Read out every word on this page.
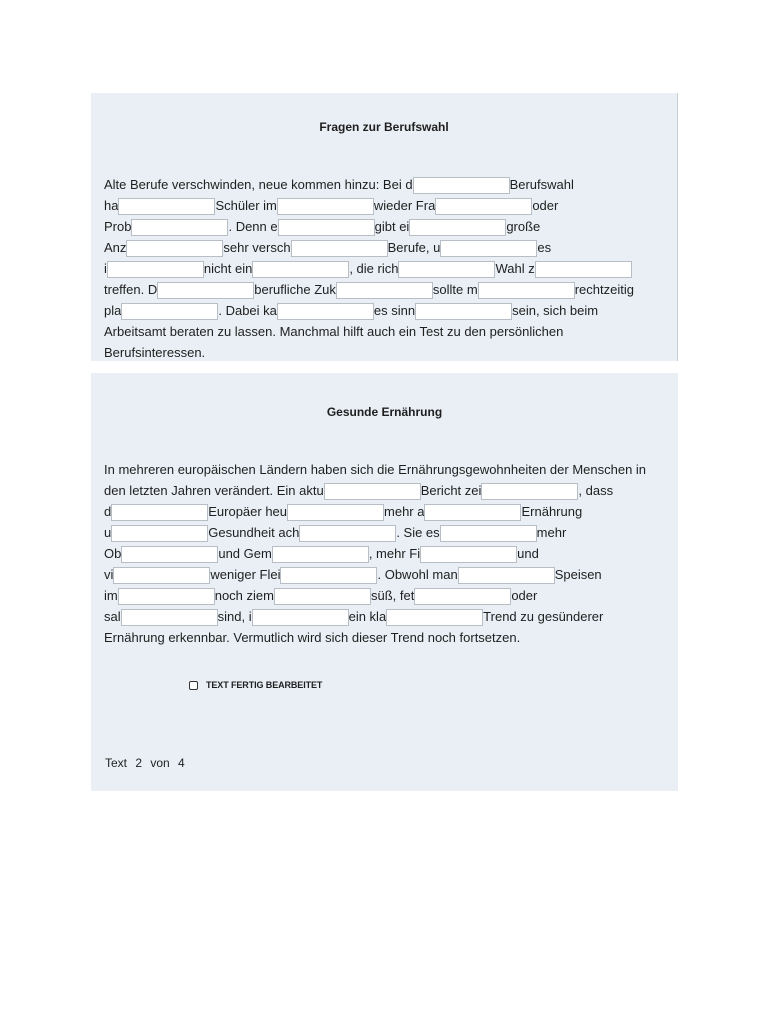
Fragen zur Berufswahl

Alte Berufe verschwinden, neue kommen hinzu: Bei d	Berufswahl
ha	Schüler im	wieder Fra	oder
Prob	. Denn e	gibt ei	große
Anz	sehr versch	Berufe, u	es
i	nicht ein	, die rich	Wahl z
treffen. D	berufliche Zuk	sollte m	rechtzeitig
pla	. Dabei ka	es sinn	sein, sich beim
Arbeitsamt beraten zu lassen. Manchmal hilft auch ein Test zu den persönlichen
Berufsinteressen.

Gesunde Ernährung

In mehreren europäischen Ländern haben sich die Ernährungsgewohnheiten der Menschen in
den letzten Jahren verändert. Ein aktu	Bericht zei	, dass
d	Europäer heu	mehr a	Ernährung
u	Gesundheit ach	. Sie es	mehr
Ob	und Gem	, mehr Fi	und
vi	weniger Flei	. Obwohl man	Speisen
im	noch ziem	süß, fet	oder
sal	sind, i	ein kla	Trend zu gesünderer
Ernährung erkennbar. Vermutlich wird sich dieser Trend noch fortsetzen.
TEXT FERTIG BEARBEITET
Text 2 von 4
